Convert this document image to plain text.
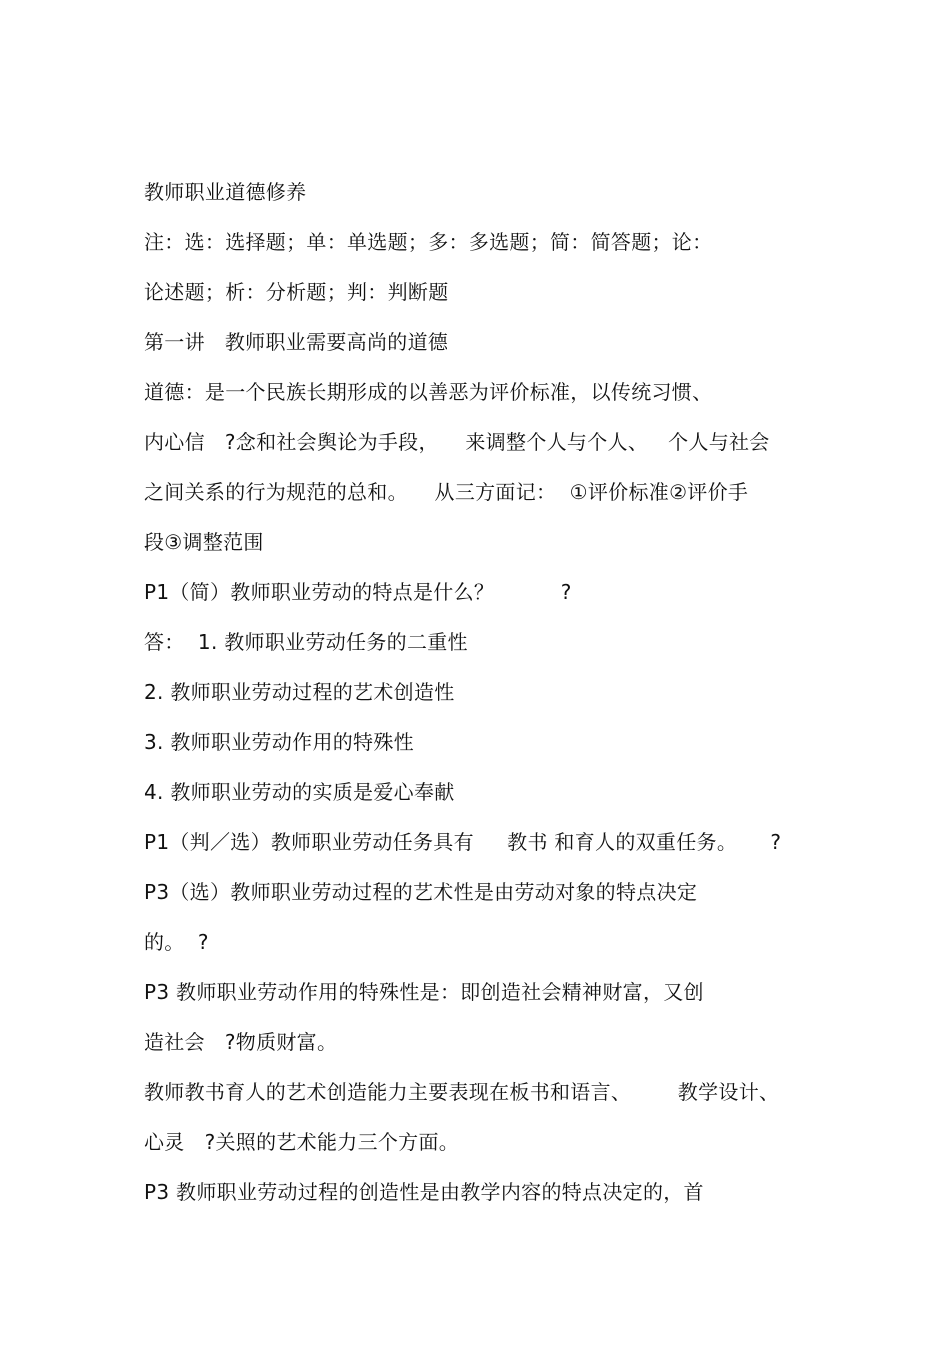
教师职业道德修养
注：选：选择题；单：单选题；多：多选题；简：简答题；论：
论述题；析：分析题；判：判断题
第一讲   教师职业需要高尚的道德
道德：是一个民族长期形成的以善恶为评价标准，以传统习惯、
内心信   ?念和社会舆论为手段，    来调整个人与个人、   个人与社会
之间关系的行为规范的总和。    从三方面记：  ①评价标准②评价手
段③调整范围
P1（简）教师职业劳动的特点是什么？          ?
答：  1. 教师职业劳动任务的二重性
2. 教师职业劳动过程的艺术创造性
3. 教师职业劳动作用的特殊性
4. 教师职业劳动的实质是爱心奉献
P1（判／选）教师职业劳动任务具有     教书 和育人的双重任务。     ?
P3（选）教师职业劳动过程的艺术性是由劳动对象的特点决定
的。  ?
P3 教师职业劳动作用的特殊性是：即创造社会精神财富，又创
造社会   ?物质财富。
教师教书育人的艺术创造能力主要表现在板书和语言、       教学设计、
心灵   ?关照的艺术能力三个方面。
P3 教师职业劳动过程的创造性是由教学内容的特点决定的，首
